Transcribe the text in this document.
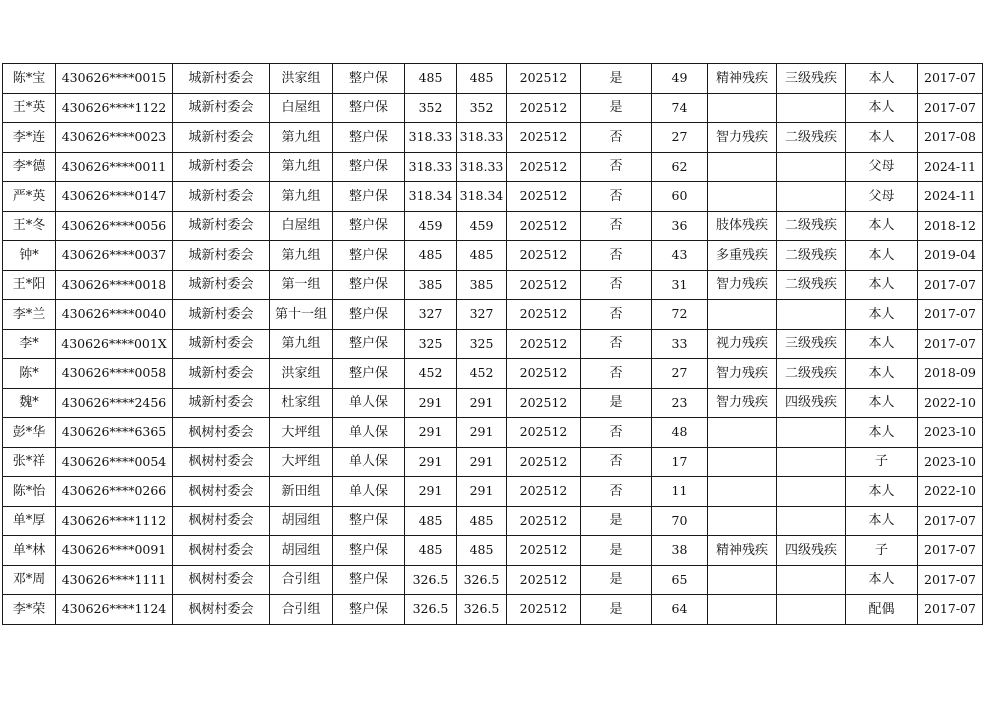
陈*宝	430626****0015	城新村委会	洪家组	整户保	485	485	202512	是	49	精神残疾	三级残疾	本人	2017-07
王*英	430626****1122	城新村委会	白屋组	整户保	352	352	202512	是	74			本人	2017-07
李*连	430626****0023	城新村委会	第九组	整户保	318.33	318.33	202512	否	27	智力残疾	二级残疾	本人	2017-08
李*德	430626****0011	城新村委会	第九组	整户保	318.33	318.33	202512	否	62			父母	2024-11
严*英	430626****0147	城新村委会	第九组	整户保	318.34	318.34	202512	否	60			父母	2024-11
王*冬	430626****0056	城新村委会	白屋组	整户保	459	459	202512	否	36	肢体残疾	二级残疾	本人	2018-12
钟*	430626****0037	城新村委会	第九组	整户保	485	485	202512	否	43	多重残疾	二级残疾	本人	2019-04
王*阳	430626****0018	城新村委会	第一组	整户保	385	385	202512	否	31	智力残疾	二级残疾	本人	2017-07
李*兰	430626****0040	城新村委会	第十一组	整户保	327	327	202512	否	72			本人	2017-07
李*	430626****001X	城新村委会	第九组	整户保	325	325	202512	否	33	视力残疾	三级残疾	本人	2017-07
陈*	430626****0058	城新村委会	洪家组	整户保	452	452	202512	否	27	智力残疾	二级残疾	本人	2018-09
魏*	430626****2456	城新村委会	杜家组	单人保	291	291	202512	是	23	智力残疾	四级残疾	本人	2022-10
彭*华	430626****6365	枫树村委会	大坪组	单人保	291	291	202512	否	48			本人	2023-10
张*祥	430626****0054	枫树村委会	大坪组	单人保	291	291	202512	否	17			子	2023-10
陈*怡	430626****0266	枫树村委会	新田组	单人保	291	291	202512	否	11			本人	2022-10
单*厚	430626****1112	枫树村委会	胡园组	整户保	485	485	202512	是	70			本人	2017-07
单*林	430626****0091	枫树村委会	胡园组	整户保	485	485	202512	是	38	精神残疾	四级残疾	子	2017-07
邓*周	430626****1111	枫树村委会	合引组	整户保	326.5	326.5	202512	是	65			本人	2017-07
李*荣	430626****1124	枫树村委会	合引组	整户保	326.5	326.5	202512	是	64			配偶	2017-07
